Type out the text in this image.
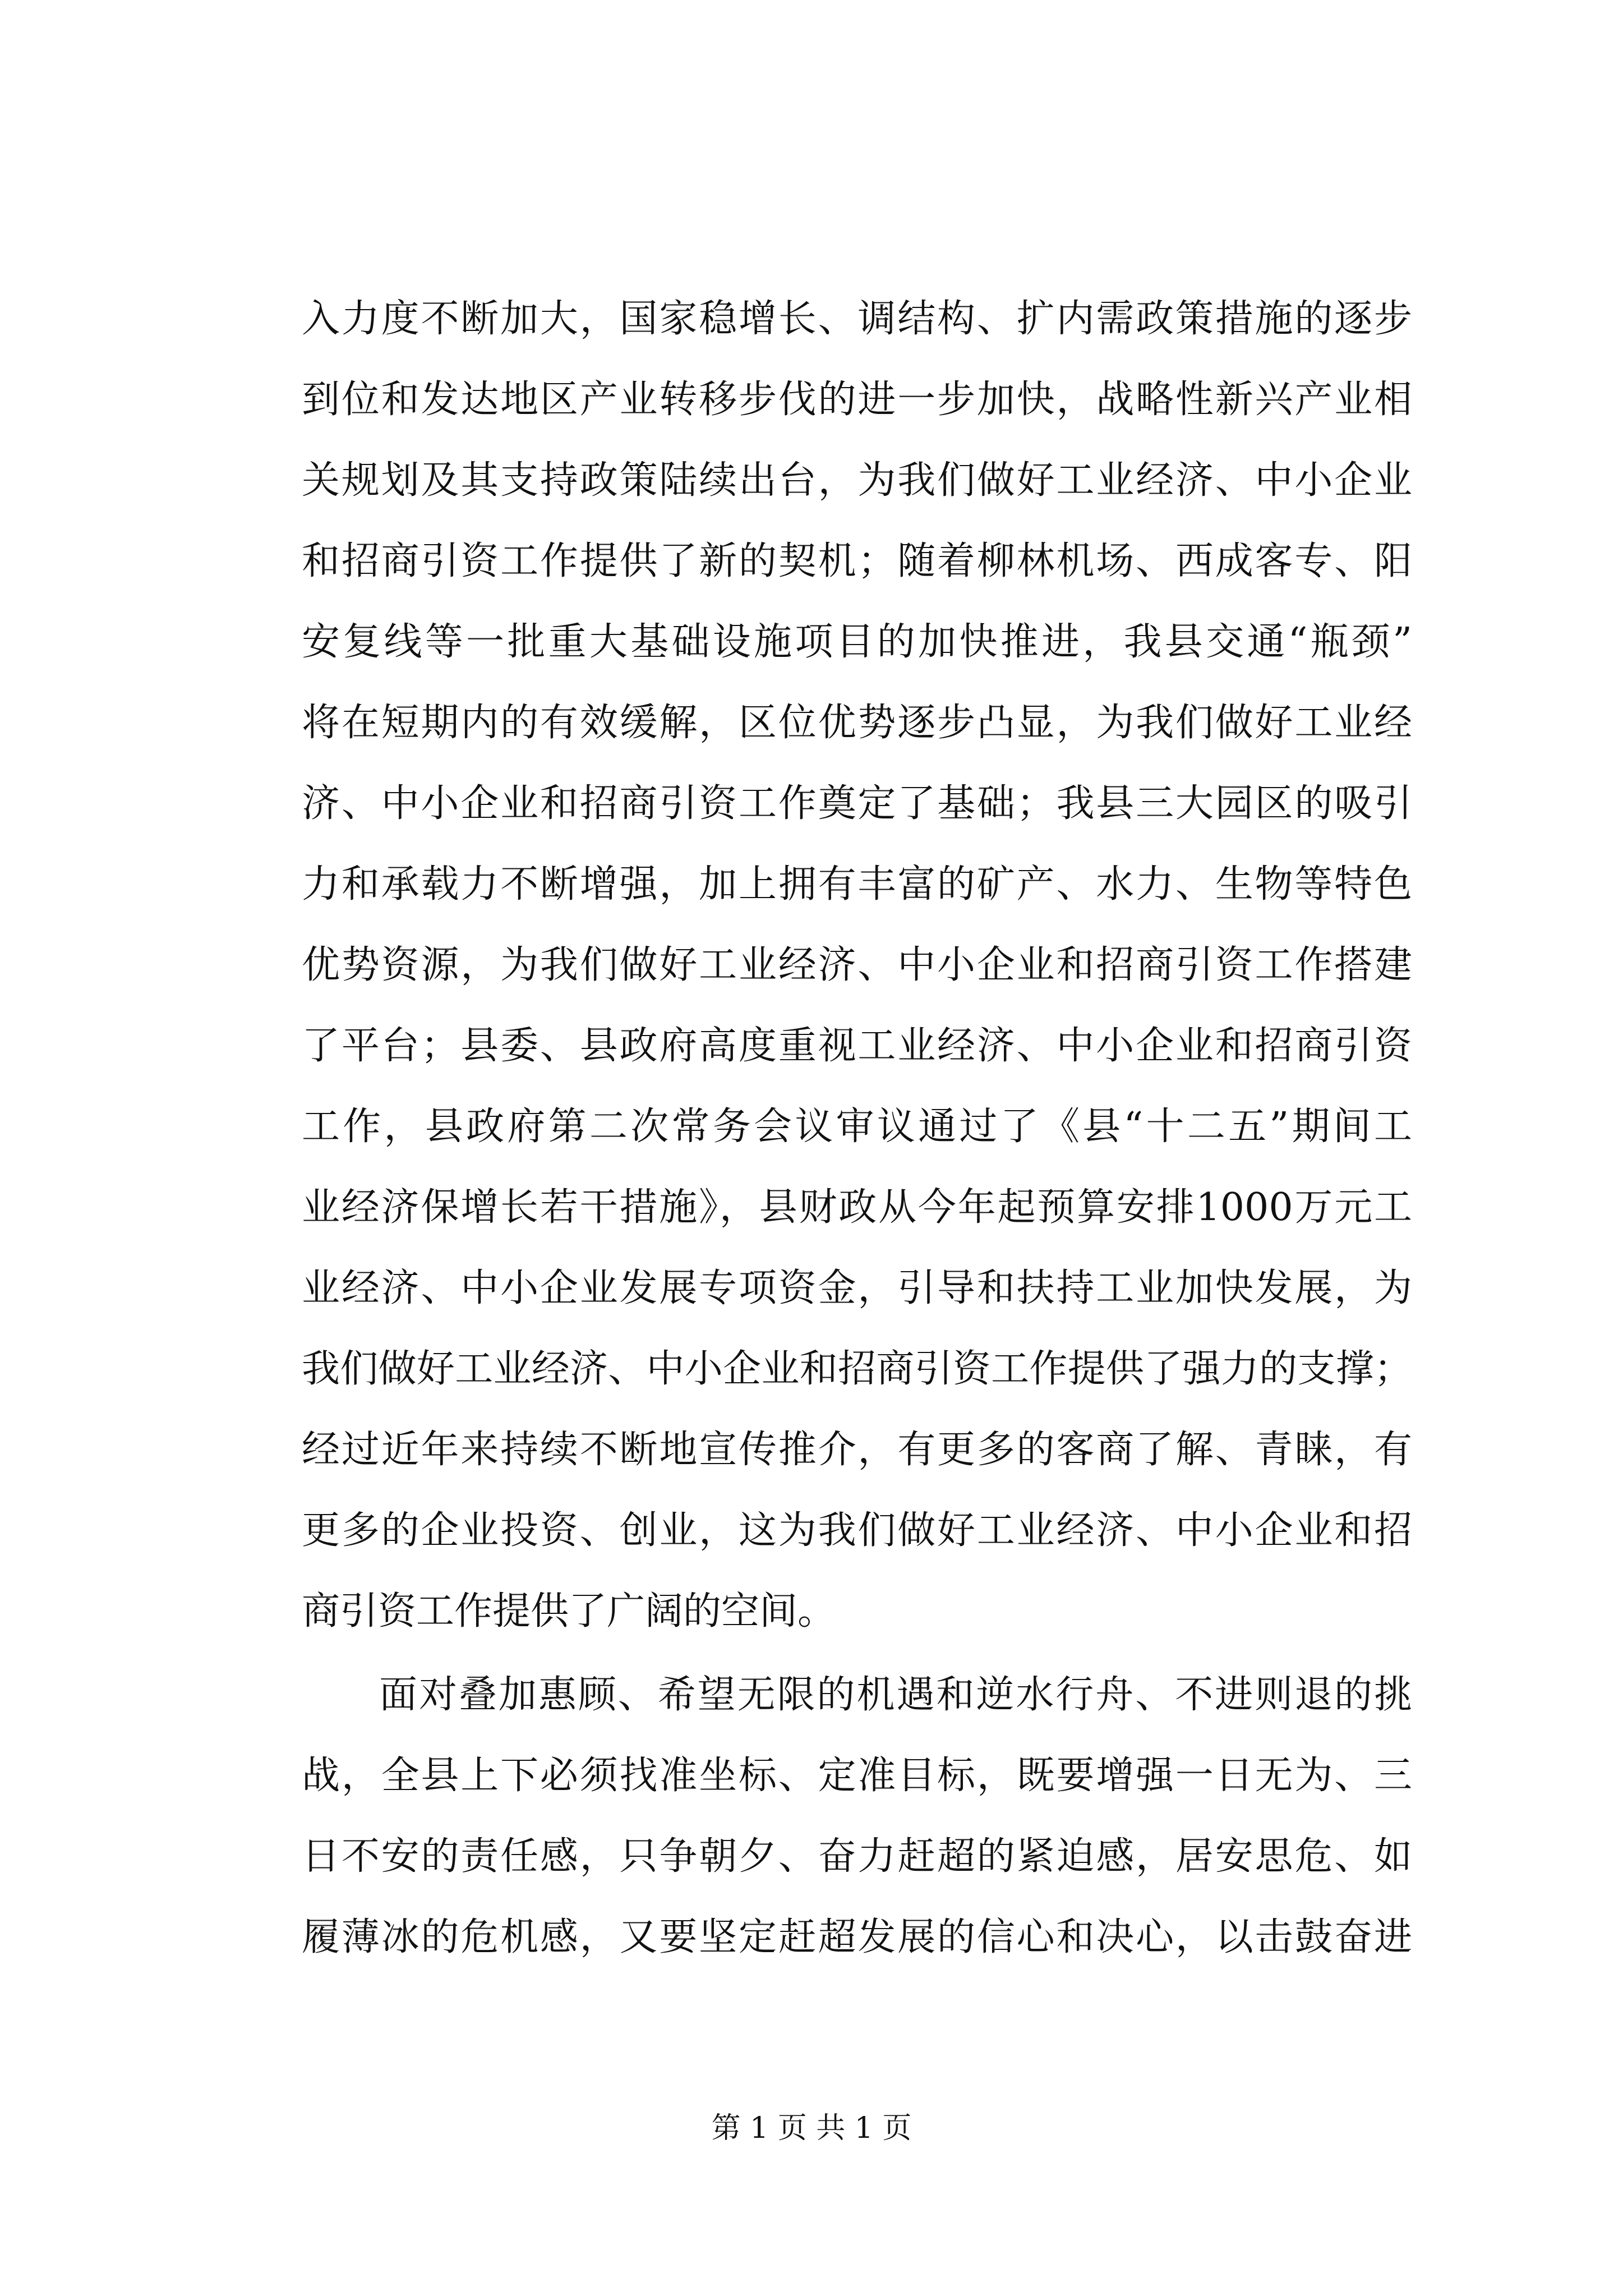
入力度不断加大，国家稳增长、调结构、扩内需政策措施的逐步
到位和发达地区产业转移步伐的进一步加快，战略性新兴产业相
关规划及其支持政策陆续出台，为我们做好工业经济、中小企业
和招商引资工作提供了新的契机；随着柳林机场、西成客专、阳
安复线等一批重大基础设施项目的加快推进，我县交通“瓶颈”
将在短期内的有效缓解，区位优势逐步凸显，为我们做好工业经
济、中小企业和招商引资工作奠定了基础；我县三大园区的吸引
力和承载力不断增强，加上拥有丰富的矿产、水力、生物等特色
优势资源，为我们做好工业经济、中小企业和招商引资工作搭建
了平台；县委、县政府高度重视工业经济、中小企业和招商引资
工作，县政府第二次常务会议审议通过了《县“十二五”期间工
业经济保增长若干措施》，县财政从今年起预算安排1000万元工
业经济、中小企业发展专项资金，引导和扶持工业加快发展，为
我们做好工业经济、中小企业和招商引资工作提供了强力的支撑；
经过近年来持续不断地宣传推介，有更多的客商了解、青睐，有
更多的企业投资、创业，这为我们做好工业经济、中小企业和招
商引资工作提供了广阔的空间。
面对叠加惠顾、希望无限的机遇和逆水行舟、不进则退的挑
战，全县上下必须找准坐标、定准目标，既要增强一日无为、三
日不安的责任感，只争朝夕、奋力赶超的紧迫感，居安思危、如
履薄冰的危机感，又要坚定赶超发展的信心和决心，以击鼓奋进
第 1 页 共 1 页
